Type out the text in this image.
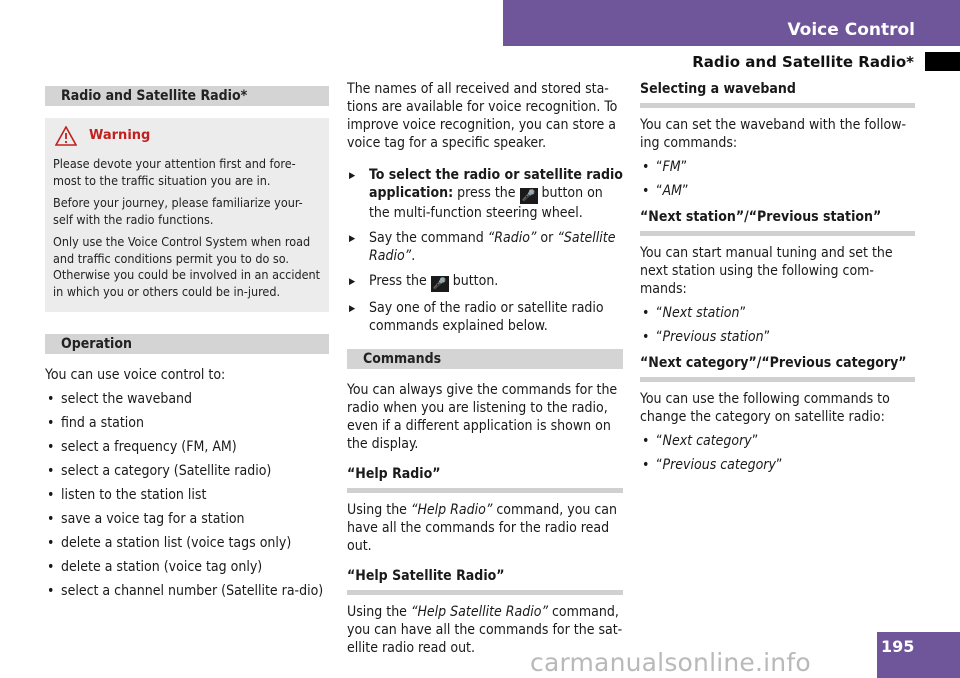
Voice Control
Radio and Satellite Radio*
Radio and Satellite Radio*
Warning

Please devote your attention first and fore-most to the traffic situation you are in.

Before your journey, please familiarize your-self with the radio functions.

Only use the Voice Control System when road and traffic conditions permit you to do so. Otherwise you could be involved in an accident in which you or others could be in-jured.

Operation

You can use voice control to:

• select the waveband
• find a station
• select a frequency (FM, AM)
• select a category (Satellite radio)
• listen to the station list
• save a voice tag for a station
• delete a station list (voice tags only)
• delete a station (voice tag only)
• select a channel number (Satellite ra-dio)

The names of all received and stored sta-tions are available for voice recognition. To improve voice recognition, you can store a voice tag for a specific speaker.

▶ To select the radio or satellite radio application: press the 🎤 button on the multi-function steering wheel.
▶ Say the command “Radio” or “Satellite Radio”.
▶ Press the 🎤 button.
▶ Say one of the radio or satellite radio commands explained below.
Commands

You can always give the commands for the radio when you are listening to the radio, even if a different application is shown on the display.

“Help Radio”

Using the “Help Radio” command, you can have all the commands for the radio read out.

“Help Satellite Radio”

Using the “Help Satellite Radio” command, you can have all the commands for the sat-ellite radio read out.

Selecting a waveband

You can set the waveband with the follow-ing commands:

• “FM”
• “AM”
“Next station”/“Previous station”

You can start manual tuning and set the next station using the following com-mands:

• “Next station”
• “Previous station”
“Next category”/“Previous category”

You can use the following commands to change the category on satellite radio:

• “Next category”
• “Previous category”
carmanualsonline.info
195
